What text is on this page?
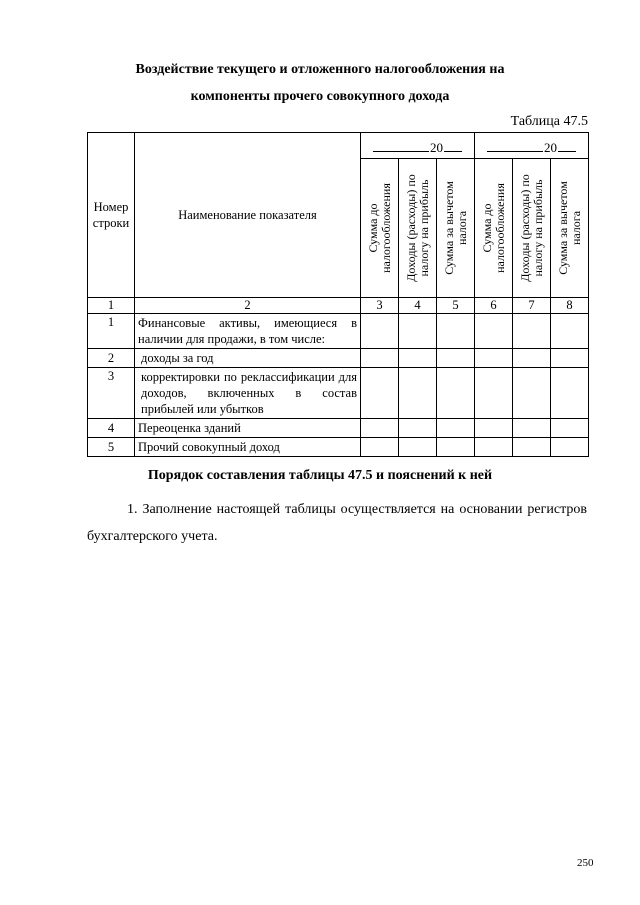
Воздействие текущего и отложенного налогообложения на
компоненты прочего совокупного дохода
Таблица 47.5
Номер строки	Наименование показателя	20			20		

		Сумма до налогообложения	Доходы (расходы) по налогу на прибыль	Сумма за вычетом налога	Сумма до налогообложения	Доходы (расходы) по налогу на прибыль	Сумма за вычетом налога

1	2	3	4	5	6	7	8
1	Финансовые активы, имеющиеся в наличии для продажи, в том числе:						
2	доходы за год						
3	корректировки по реклассификации для доходов, включенных в состав прибылей или убытков						
4	Переоценка зданий						
5	Прочий совокупный доход						
Порядок составления таблицы 47.5 и пояснений к ней
1. Заполнение настоящей таблицы осуществляется на основании регистров бухгалтерского учета.
250
